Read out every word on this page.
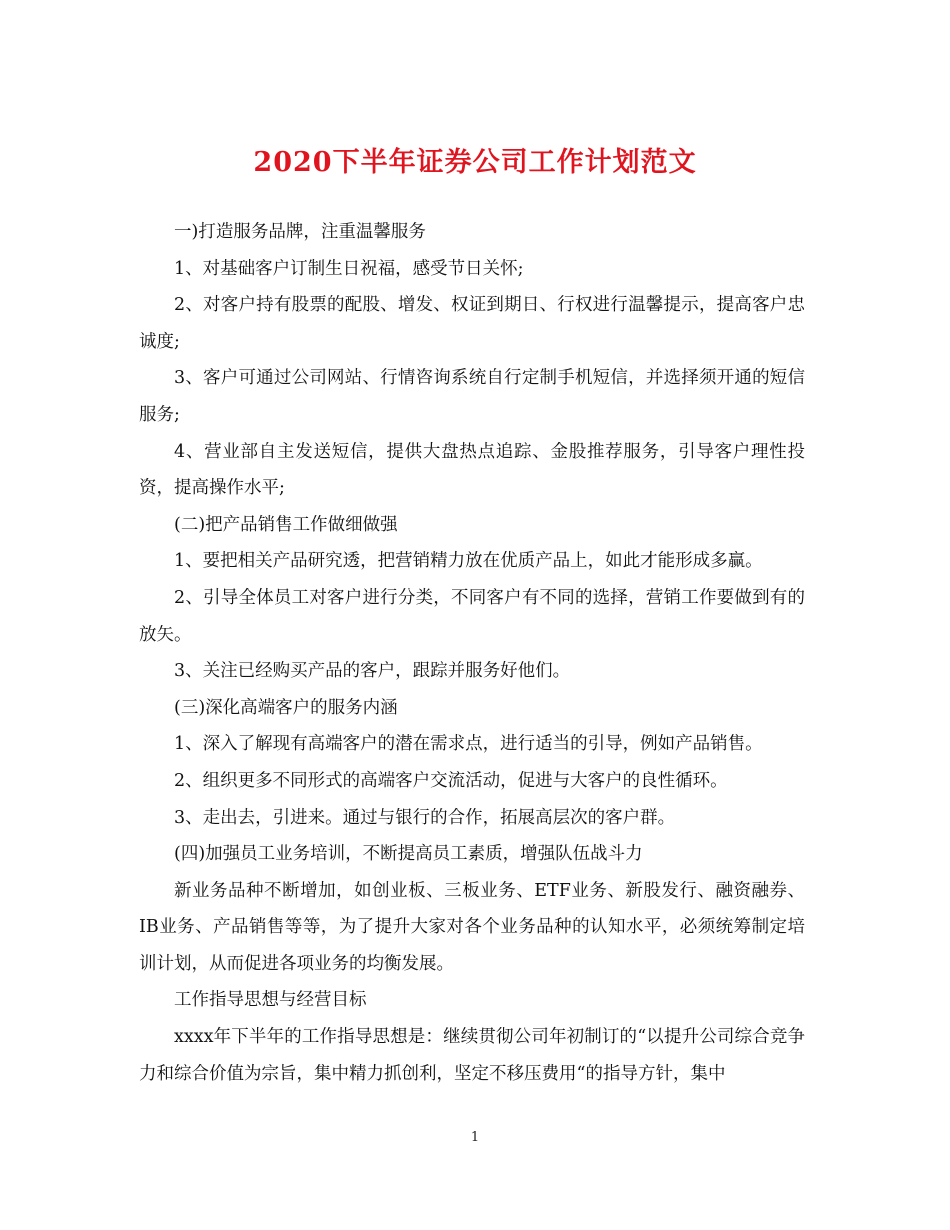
2020下半年证券公司工作计划范文

一)打造服务品牌，注重温馨服务

1、对基础客户订制生日祝福，感受节日关怀;

2、对客户持有股票的配股、增发、权证到期日、行权进行温馨提示，提高客户忠诚度;

3、客户可通过公司网站、行情咨询系统自行定制手机短信，并选择须开通的短信服务;

4、营业部自主发送短信，提供大盘热点追踪、金股推荐服务，引导客户理性投资，提高操作水平;

(二)把产品销售工作做细做强

1、要把相关产品研究透，把营销精力放在优质产品上，如此才能形成多赢。

2、引导全体员工对客户进行分类，不同客户有不同的选择，营销工作要做到有的放矢。

3、关注已经购买产品的客户，跟踪并服务好他们。

(三)深化高端客户的服务内涵

1、深入了解现有高端客户的潜在需求点，进行适当的引导，例如产品销售。

2、组织更多不同形式的高端客户交流活动，促进与大客户的良性循环。

3、走出去，引进来。通过与银行的合作，拓展高层次的客户群。

(四)加强员工业务培训，不断提高员工素质，增强队伍战斗力

新业务品种不断增加，如创业板、三板业务、ETF业务、新股发行、融资融券、IB业务、产品销售等等，为了提升大家对各个业务品种的认知水平，必须统筹制定培训计划，从而促进各项业务的均衡发展。

工作指导思想与经营目标

xxxx年下半年的工作指导思想是：继续贯彻公司年初制订的“以提升公司综合竞争力和综合价值为宗旨，集中精力抓创利，坚定不移压费用“的指导方针，集中

1
